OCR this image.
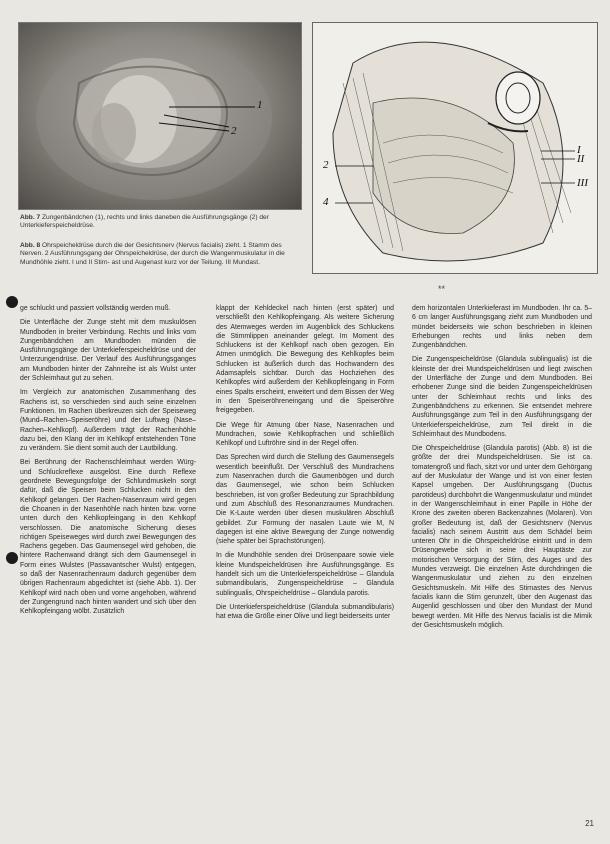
1
2
I
II
III
2
4
Abb. 7 Zungenbändchen (1), rechts und links daneben die Ausführungsgänge (2) der Unterkieferspeicheldrüse.
Abb. 8 Ohrspeicheldrüse durch die der Gesichtsnerv (Nervus facialis) zieht. 1 Stamm des Nerven. 2 Ausführungsgang der Ohrspeicheldrüse, der durch die Wangenmuskulatur in die Mundhöhle zieht. I und II Stirn- ast und Augenast kurz vor der Teilung. III Mundast.
**

ge schluckt und passiert vollständig werden muß.

Die Unterfläche der Zunge steht mit dem muskulösen Mundboden in breiter Verbindung. Rechts und links vom Zungenbändchen am Mundboden münden die Ausführungsgänge der Unterkieferspeicheldrüse und der Unterzungendrüse. Der Verlauf des Ausführungsganges am Mundboden hinter der Zahnreihe ist als Wulst unter der Schleimhaut gut zu sehen.

Im Vergleich zur anatomischen Zusammenhang des Rachens ist, so verschieden sind auch seine einzelnen Funktionen. Im Rachen überkreuzen sich der Speiseweg (Mund–Rachen–Speiseröhre) und der Luftweg (Nase–Rachen–Kehlkopf). Außerdem trägt der Rachenhöhle dazu bei, den Klang der im Kehlkopf entstehenden Töne zu verändern. Sie dient somit auch der Lautbildung.

Bei Berührung der Rachenschleimhaut werden Würg- und Schluckreflexe ausgelöst. Eine durch Reflexe geordnete Bewegungsfolge der Schlundmuskeln sorgt dafür, daß die Speisen beim Schlucken nicht in den Kehlkopf gelangen. Der Rachen-Nasenraum wird gegen die Choanen in der Nasenhöhle nach hinten bzw. vorne unten durch den Kehlkopfeingang in den Kehlkopf verschlossen. Die anatomische Sicherung dieses richtigen Speiseweges wird durch zwei Bewegungen des Rachens gegeben. Das Gaumensegel wird gehoben, die hintere Rachenwand drängt sich dem Gaumensegel in Form eines Wulstes (Passavantscher Wulst) entgegen, so daß der Nasenrachenraum dadurch gegenüber dem übrigen Rachenraum abgedichtet ist (siehe Abb. 1). Der Kehlkopf wird nach oben und vorne angehoben, während der Zungengrund nach hinten wandert und sich über den Kehlkopfeingang wölbt. Zusätzlich

klappt der Kehldeckel nach hinten (erst später) und verschließt den Kehlkopfeingang. Als weitere Sicherung des Atemweges werden im Augenblick des Schluckens die Stimmlippen aneinander gelegt. Im Moment des Schluckens ist der Kehlkopf nach oben gezogen. Ein Atmen unmöglich. Die Bewegung des Kehlkopfes beim Schlucken ist äußerlich durch das Hochwandern des Adamsapfels sichtbar. Durch das Hochziehen des Kehlkopfes wird außerdem der Kehlkopfeingang in Form eines Spalts erscheint, erweitert und dem Bissen der Weg in den Speiseröhreneingang und die Speiseröhre freigegeben.

Die Wege für Atmung über Nase, Nasenrachen und Mundrachen, sowie Kehlkopfrachen und schließlich Kehlkopf und Luftröhre sind in der Regel offen.

Das Sprechen wird durch die Stellung des Gaumensegels wesentlich beeinflußt. Der Verschluß des Mundrachens zum Nasenrachen durch die Gaumenbögen und durch das Gaumensegel, wie schon beim Schlucken beschrieben, ist von großer Bedeutung zur Sprachbildung und zum Abschluß des Resonanzraumes Mundrachen. Die K-Laute werden über diesen muskulären Abschluß gebildet. Zur Formung der nasalen Laute wie M, N dagegen ist eine aktive Bewegung der Zunge notwendig (siehe später bei Sprachstörungen).

In die Mundhöhle senden drei Drüsenpaare sowie viele kleine Mundspeicheldrüsen ihre Ausführungsgänge. Es handelt sich um die Unterkieferspeicheldrüse – Glandula submandibularis, Zungenspeicheldrüse – Glandula sublingualis, Ohrspeicheldrüse – Glandula parotis.

Die Unterkieferspeicheldrüse (Glandula submandibularis) hat etwa die Größe einer Olive und liegt beiderseits unter

dem horizontalen Unterkieferast im Mundboden. Ihr ca. 5–6 cm langer Ausführungsgang zieht zum Mundboden und mündet beiderseits wie schon beschrieben in kleinen Erhebungen rechts und links neben dem Zungenbändchen.

Die Zungenspeicheldrüse (Glandula sublingualis) ist die kleinste der drei Mundspeicheldrüsen und liegt zwischen der Unterfläche der Zunge und dem Mundboden. Bei erhobener Zunge sind die beiden Zungenspeicheldrüsen unter der Schleimhaut rechts und links des Zungenbändchens zu erkennen. Sie entsendet mehrere Ausführungsgänge zum Teil in den Ausführungsgang der Unterkieferspeicheldrüse, zum Teil direkt in die Schleimhaut des Mundbodens.

Die Ohrspeicheldrüse (Glandula parotis) (Abb. 8) ist die größte der drei Mundspeicheldrüsen. Sie ist ca. tomatengroß und flach, sitzt vor und unter dem Gehörgang auf der Muskulatur der Wange und ist von einer festen Kapsel umgeben. Der Ausführungsgang (Ductus parotideus) durchbohrt die Wangenmuskulatur und mündet in der Wangenschleimhaut in einer Papille in Höhe der Krone des zweiten oberen Backenzahnes (Molaren). Von großer Bedeutung ist, daß der Gesichtsnerv (Nervus facialis) nach seinem Austritt aus dem Schädel beim unteren Ohr in die Ohrspeicheldrüse eintritt und in dem Drüsengewebe sich in seine drei Hauptäste zur motorischen Versorgung der Stirn, des Auges und des Mundes verzweigt. Die einzelnen Äste durchdringen die Wangenmuskulatur und ziehen zu den einzelnen Gesichtsmuskeln. Mit Hilfe des Stirnastes des Nervus facialis kann die Stirn gerunzelt, über den Augenast das Augenlid geschlossen und über den Mundast der Mund bewegt werden. Mit Hilfe des Nervus facialis ist die Mimik der Gesichtsmuskeln möglich.

21
